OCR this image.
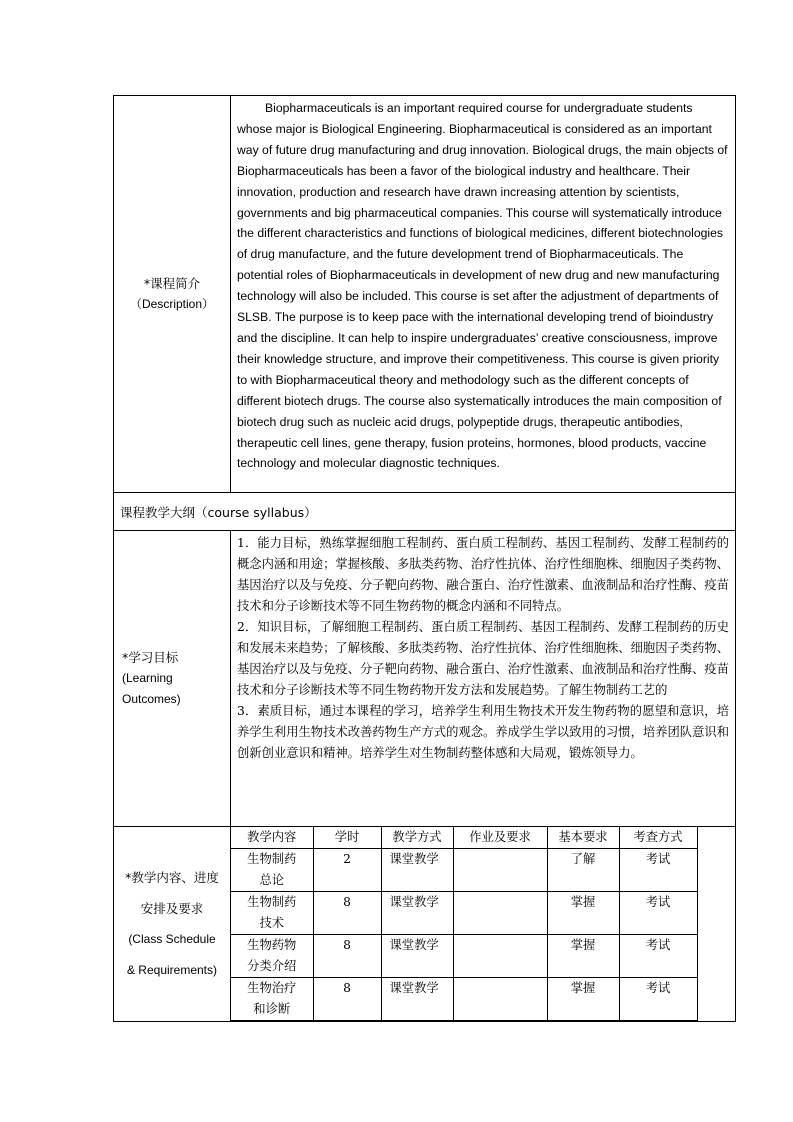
*课程简介
（Description）

Biopharmaceuticals is an important required course for undergraduate students whose major is Biological Engineering. Biopharmaceutical is considered as an important way of future drug manufacturing and drug innovation. Biological drugs, the main objects of Biopharmaceuticals has been a favor of the biological industry and healthcare. Their innovation, production and research have drawn increasing attention by scientists, governments and big pharmaceutical companies. This course will systematically introduce the different characteristics and functions of biological medicines, different biotechnologies of drug manufacture, and the future development trend of Biopharmaceuticals. The potential roles of Biopharmaceuticals in development of new drug and new manufacturing technology will also be included. This course is set after the adjustment of departments of SLSB. The purpose is to keep pace with the international developing trend of bioindustry and the discipline. It can help to inspire undergraduates’ creative consciousness, improve their knowledge structure, and improve their competitiveness. This course is given priority to with Biopharmaceutical theory and methodology such as the different concepts of different biotech drugs. The course also systematically introduces the main composition of biotech drug such as nucleic acid drugs, polypeptide drugs, therapeutic antibodies, therapeutic cell lines, gene therapy, fusion proteins, hormones, blood products, vaccine technology and molecular diagnostic techniques.

课程教学大纲（course syllabus）

*学习目标
(Learning
Outcomes)

1．能力目标，熟练掌握细胞工程制药、蛋白质工程制药、基因工程制药、发酵工程制药的概念内涵和用途；掌握核酸、多肽类药物、治疗性抗体、治疗性细胞株、细胞因子类药物、基因治疗以及与免疫、分子靶向药物、融合蛋白、治疗性激素、血液制品和治疗性酶、疫苗技术和分子诊断技术等不同生物药物的概念内涵和不同特点。

2．知识目标，了解细胞工程制药、蛋白质工程制药、基因工程制药、发酵工程制药的历史和发展未来趋势；了解核酸、多肽类药物、治疗性抗体、治疗性细胞株、细胞因子类药物、基因治疗以及与免疫、分子靶向药物、融合蛋白、治疗性激素、血液制品和治疗性酶、疫苗技术和分子诊断技术等不同生物药物开发方法和发展趋势。了解生物制药工艺的

3．素质目标，通过本课程的学习，培养学生利用生物技术开发生物药物的愿望和意识，培养学生利用生物技术改善药物生产方式的观念。养成学生学以致用的习惯，培养团队意识和创新创业意识和精神。培养学生对生物制药整体感和大局观，锻炼领导力。

*教学内容、进度
安排及要求
(Class Schedule
& Requirements)

教学内容	学时	教学方式	作业及要求	基本要求	考查方式

生物制药
总论
	2	课堂教学		了解	考试

生物制药
技术
	8	课堂教学		掌握	考试

生物药物
分类介绍
	8	课堂教学		掌握	考试

生物治疗
和诊断
	8	课堂教学		掌握	考试
